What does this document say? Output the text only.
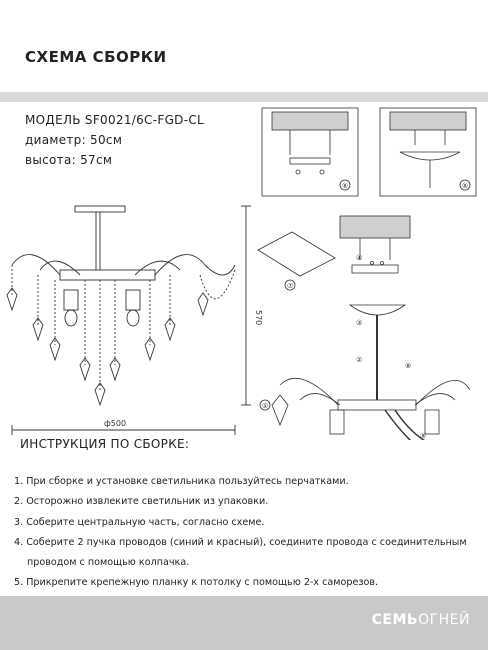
СХЕМА СБОРКИ
МОДЕЛЬ SF0021/6C-FGD-CL
диаметр: 50см
высота: 57см
⑥	⑤
ф500
570
⑦
①
④
③
②
⑧
⑨
ИНСТРУКЦИЯ ПО СБОРКЕ:
1. При сборке и установке светильника пользуйтесь перчатками.
2. Осторожно извлеките светильник из упаковки.
3. Соберите центральную часть, согласно схеме.
4. Соберите 2 пучка проводов (синий и красный), соедините провода с соединительным
проводом с помощью колпачка.
5. Прикрепите крепежную планку к потолку с помощью 2-х саморезов.
СЕМЬОГНЕЙ
